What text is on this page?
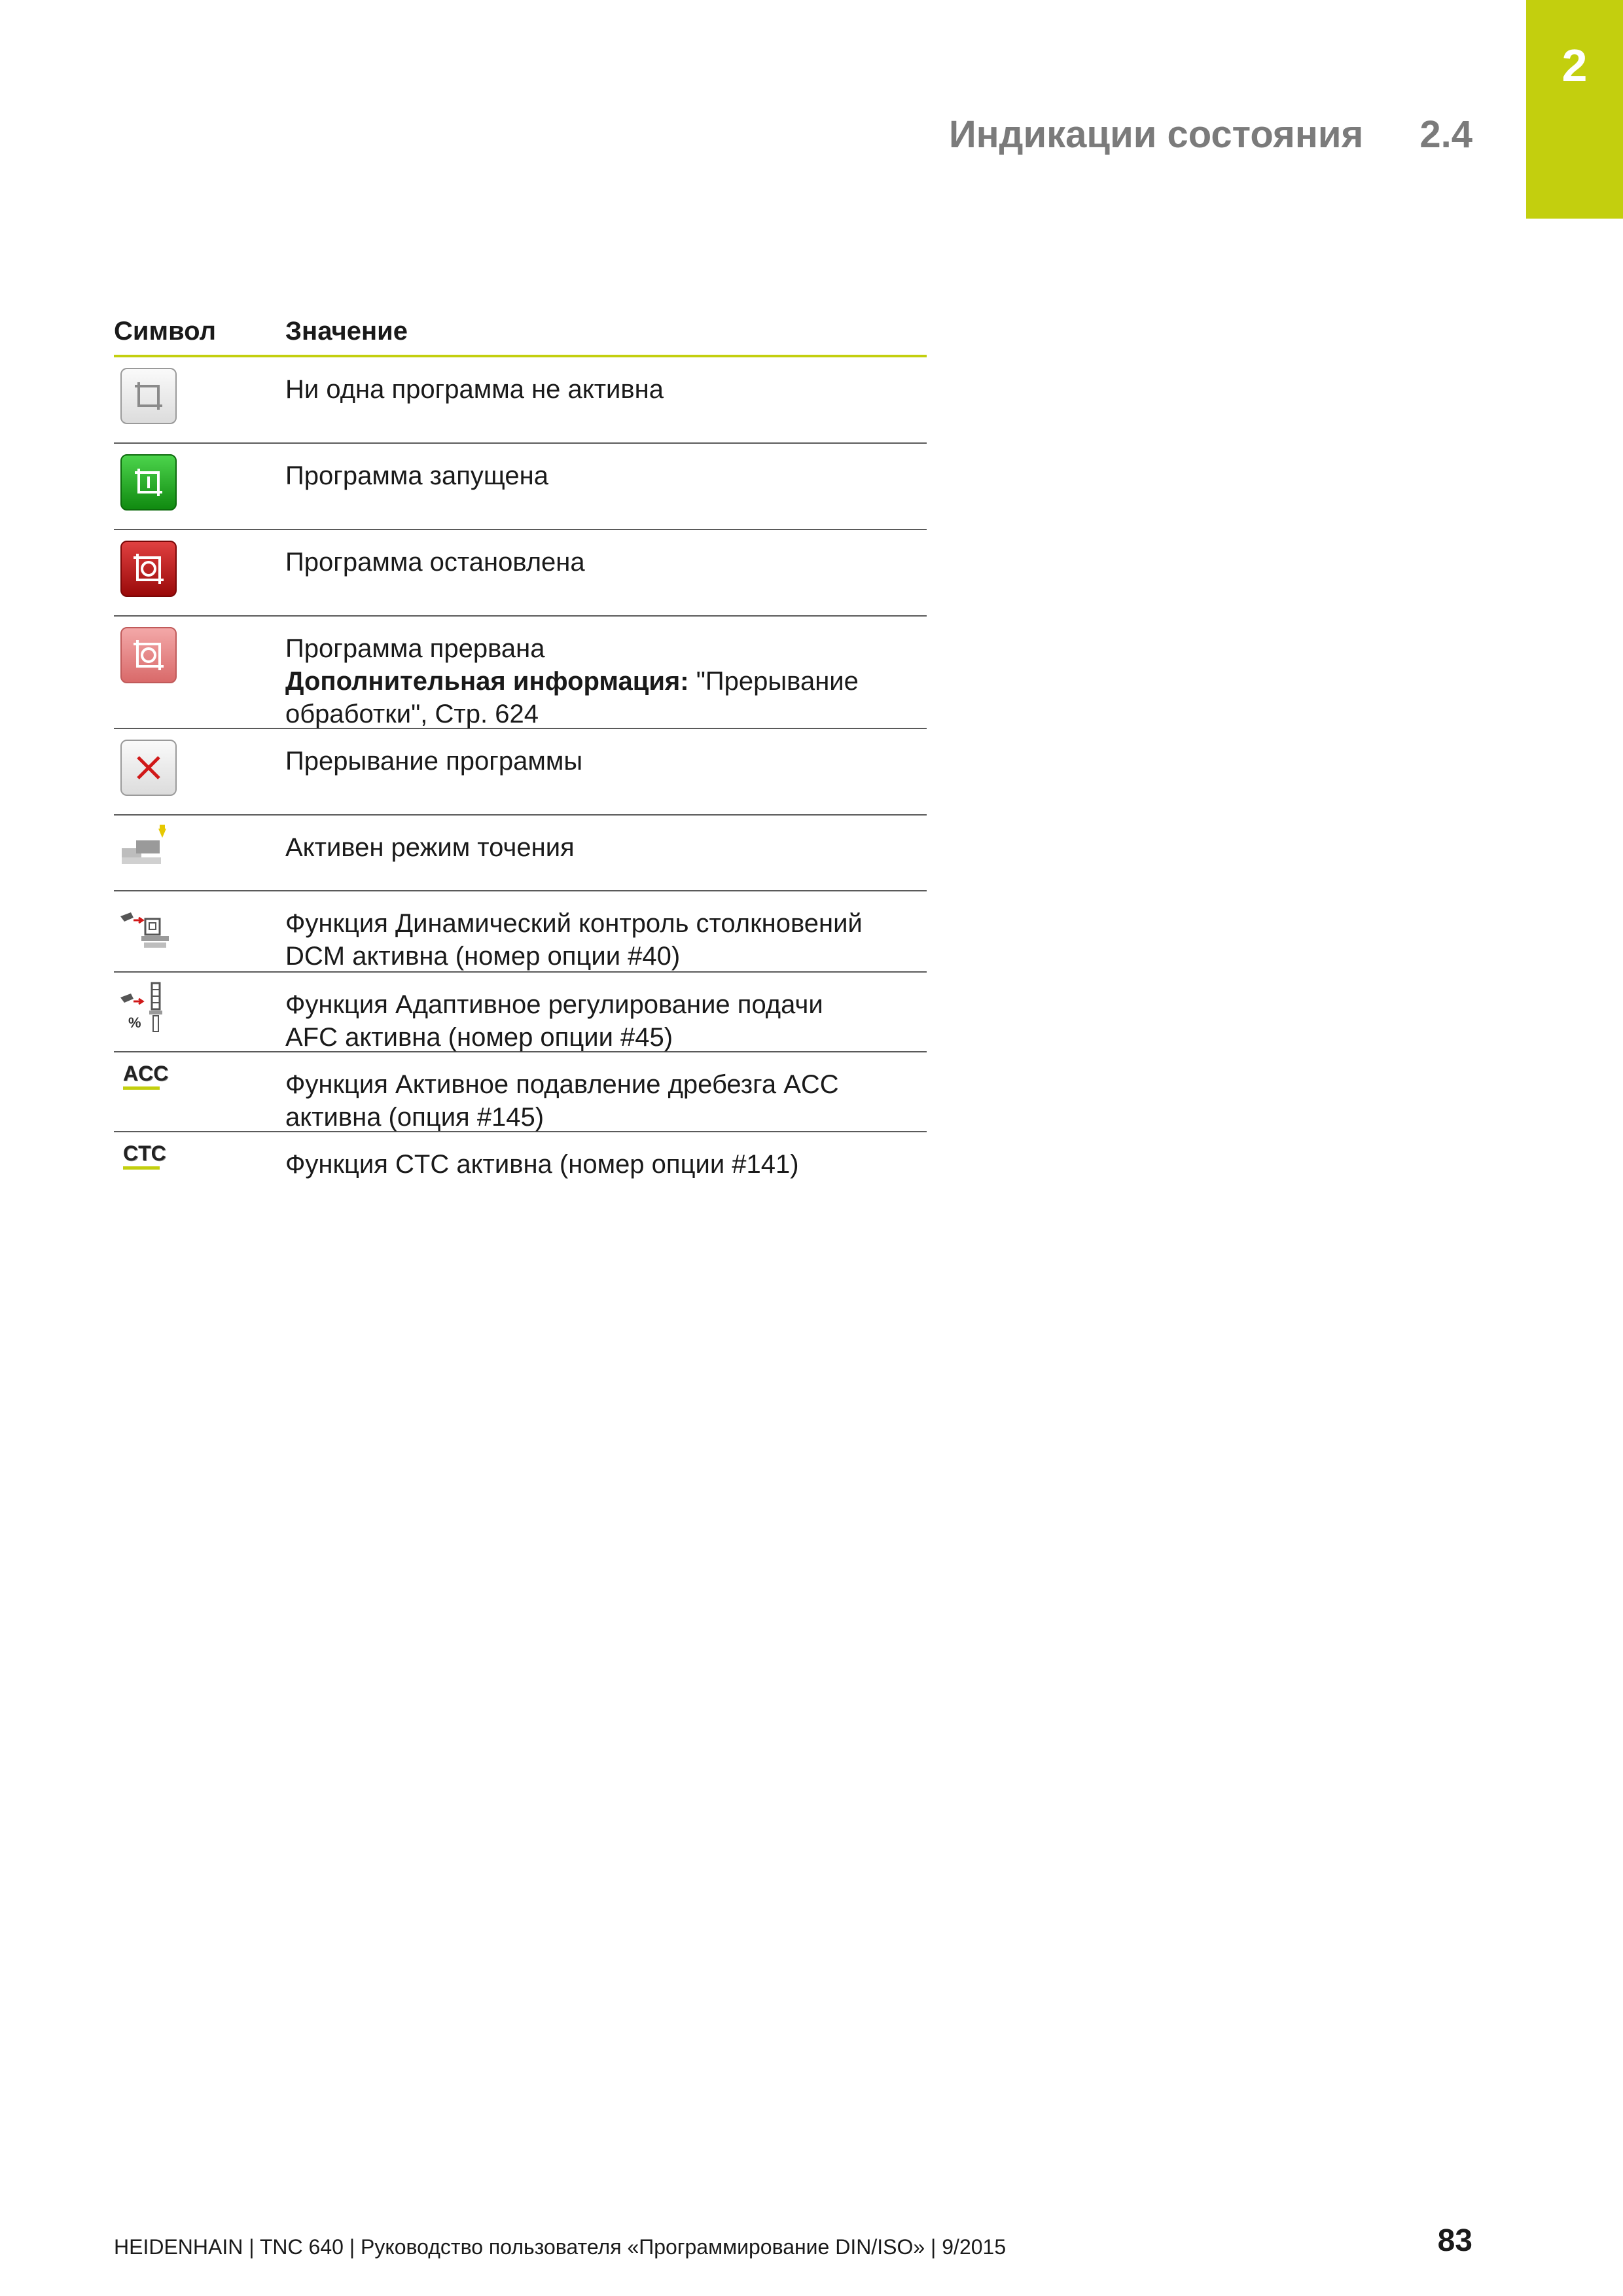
2
Индикации состояния 2.4
Символ	Значение
Ни одна программа не активна
Программа запущена
Программа остановлена
Программа прервана
Дополнительная информация: "Прерывание
обработки", Стр. 624
Прерывание программы
Активен режим точения
Функция Динамический контроль столкновений
DCM активна (номер опции #40)
%
Функция Адаптивное регулирование подачи
AFC активна (номер опции #45)
ACC	Функция Активное подавление дребезга ACC
активна (опция #145)
CTC	Функция CTC активна (номер опции #141)
HEIDENHAIN | TNC 640 | Руководство пользователя «Программирование DIN/ISO» | 9/2015	83
